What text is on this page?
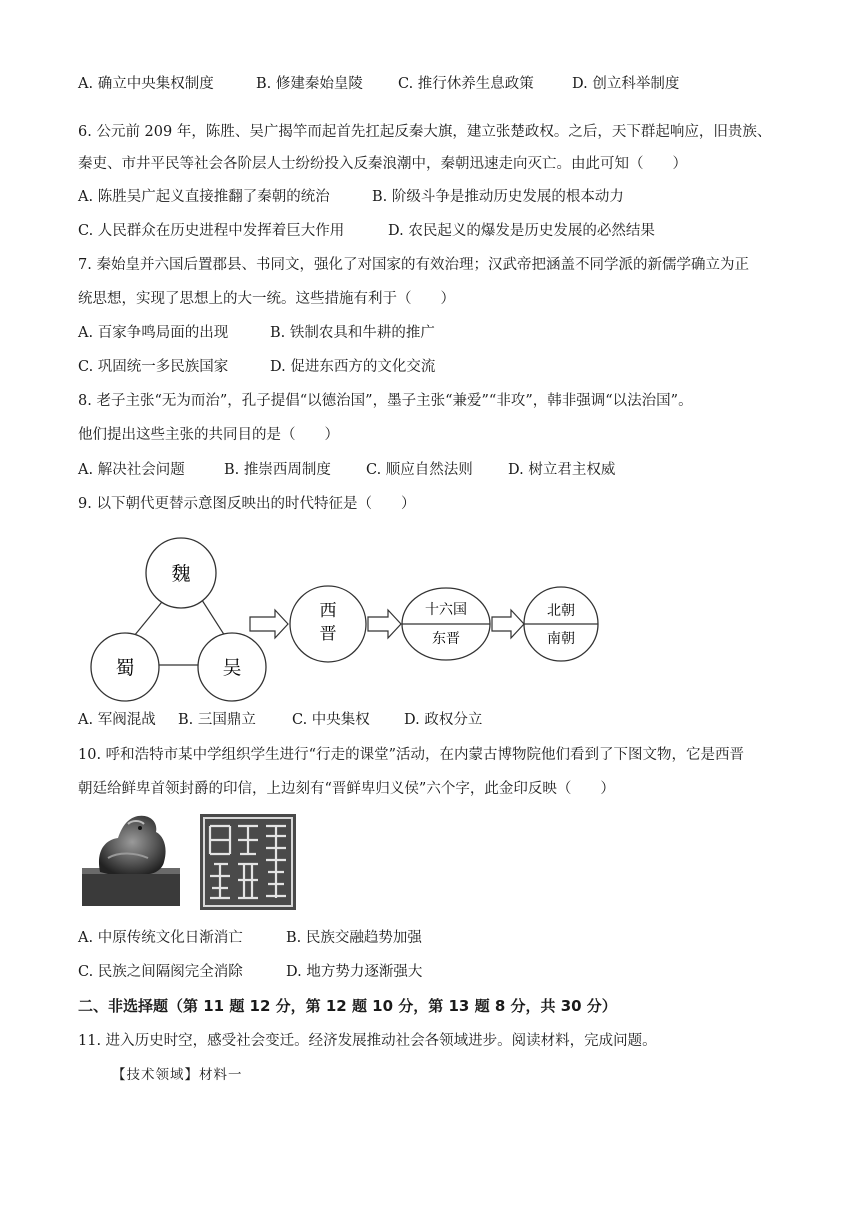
A. 确立中央集权制度	B. 修建秦始皇陵 C. 推行休养生息政策	D. 创立科举制度
6. 公元前 209 年，陈胜、吴广揭竿而起首先扛起反秦大旗，建立张楚政权。之后，天下群起响应，旧贵族、
秦吏、市井平民等社会各阶层人士纷纷投入反秦浪潮中，秦朝迅速走向灭亡。由此可知（　　）
A. 陈胜吴广起义直接推翻了秦朝的统治	B. 阶级斗争是推动历史发展的根本动力
C. 人民群众在历史进程中发挥着巨大作用	D. 农民起义的爆发是历史发展的必然结果
7. 秦始皇并六国后置郡县、书同文，强化了对国家的有效治理；汉武帝把涵盖不同学派的新儒学确立为正
统思想，实现了思想上的大一统。这些措施有利于（　　）
A. 百家争鸣局面的出现	B. 铁制农具和牛耕的推广
C. 巩固统一多民族国家	D. 促进东西方的文化交流
8. 老子主张“无为而治”，孔子提倡“以德治国”，墨子主张“兼爱”“非攻”，韩非强调“以法治国”。
他们提出这些主张的共同目的是（　　）
A. 解决社会问题	B. 推崇西周制度 C. 顺应自然法则 D. 树立君主权威
9. 以下朝代更替示意图反映出的时代特征是（　　）
魏
蜀	吴
西
晋
十六国
东晋
北朝
南朝
A. 军阀混战 B. 三国鼎立 C. 中央集权 D. 政权分立
10. 呼和浩特市某中学组织学生进行“行走的课堂”活动，在内蒙古博物院他们看到了下图文物，它是西晋
朝廷给鲜卑首领封爵的印信，上边刻有“晋鲜卑归义侯”六个字，此金印反映（　　）
A. 中原传统文化日渐消亡	B. 民族交融趋势加强
C. 民族之间隔阂完全消除	D. 地方势力逐渐强大
二、非选择题（第 11 题 12 分，第 12 题 10 分，第 13 题 8 分，共 30 分）
11. 进入历史时空，感受社会变迁。经济发展推动社会各领域进步。阅读材料，完成问题。
【技术领域】材料一
